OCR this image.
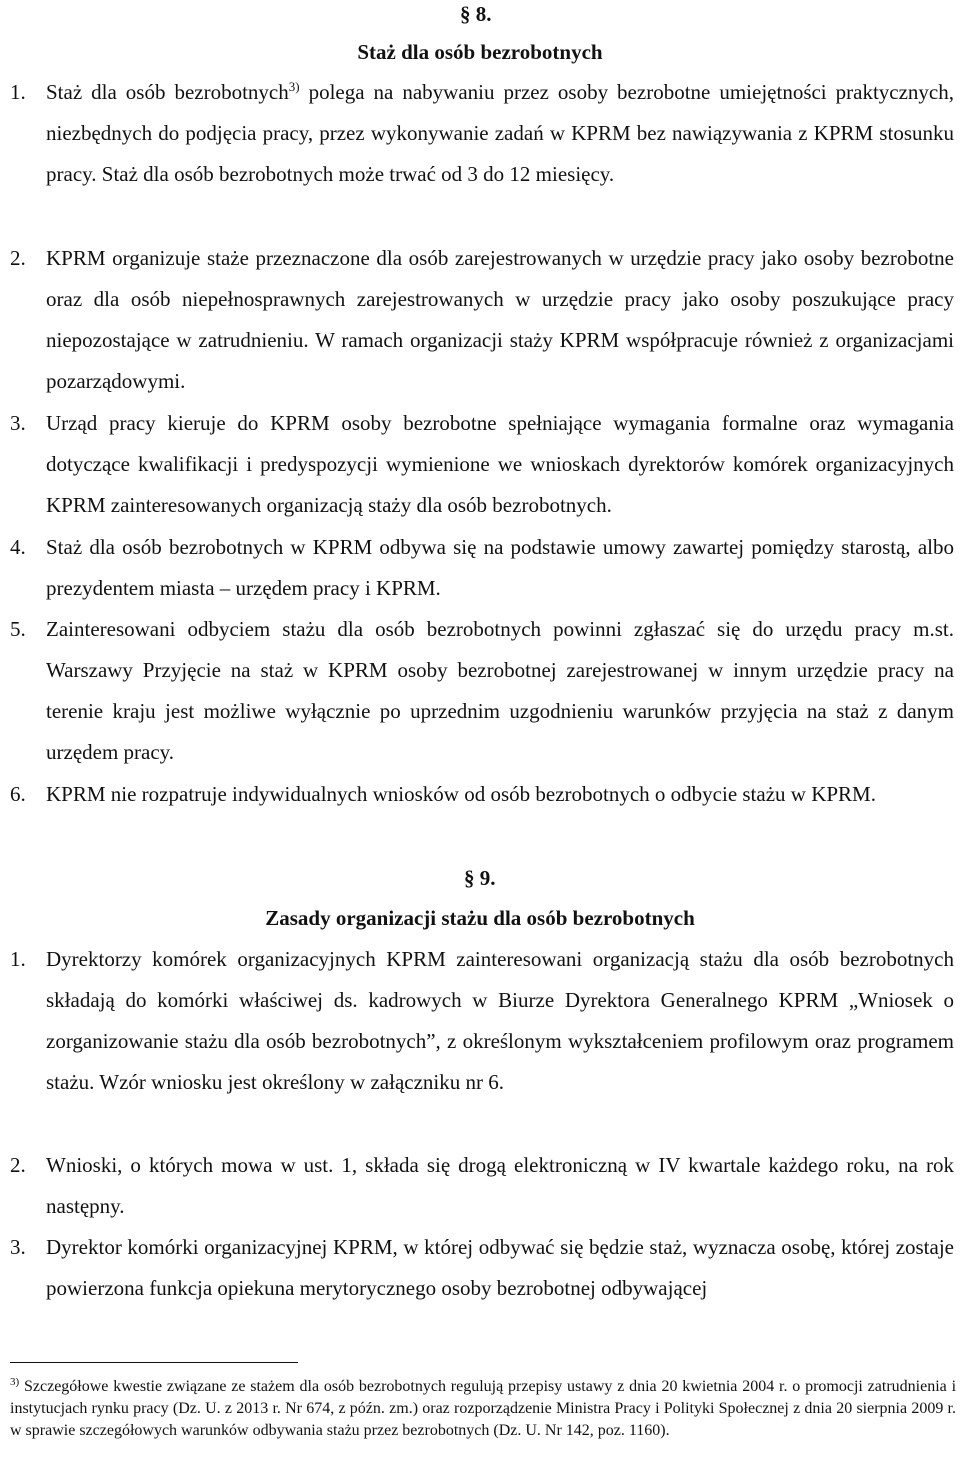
§ 8.
Staż dla osób bezrobotnych
1. Staż dla osób bezrobotnych$^{3)}$ polega na nabywaniu przez osoby bezrobotne umiejętności praktycznych, niezbędnych do podjęcia pracy, przez wykonywanie zadań w KPRM bez nawiązywania z KPRM stosunku pracy. Staż dla osób bezrobotnych może trwać od 3 do 12 miesięcy.

2. KPRM organizuje staże przeznaczone dla osób zarejestrowanych w urzędzie pracy jako osoby bezrobotne oraz dla osób niepełnosprawnych zarejestrowanych w urzędzie pracy jako osoby poszukujące pracy niepozostające w zatrudnieniu. W ramach organizacji staży KPRM współpracuje również z organizacjami pozarządowymi.

3. Urząd pracy kieruje do KPRM osoby bezrobotne spełniające wymagania formalne oraz wymagania dotyczące kwalifikacji i predyspozycji wymienione we wnioskach dyrektorów komórek organizacyjnych KPRM zainteresowanych organizacją staży dla osób bezrobotnych.

4. Staż dla osób bezrobotnych w KPRM odbywa się na podstawie umowy zawartej pomiędzy starostą, albo prezydentem miasta – urzędem pracy i KPRM.

5. Zainteresowani odbyciem stażu dla osób bezrobotnych powinni zgłaszać się do urzędu pracy m.st. Warszawy Przyjęcie na staż w KPRM osoby bezrobotnej zarejestrowanej w innym urzędzie pracy na terenie kraju jest możliwe wyłącznie po uprzednim uzgodnieniu warunków przyjęcia na staż z danym urzędem pracy.

6. KPRM nie rozpatruje indywidualnych wniosków od osób bezrobotnych o odbycie stażu w KPRM.

§ 9.
Zasady organizacji stażu dla osób bezrobotnych
1. Dyrektorzy komórek organizacyjnych KPRM zainteresowani organizacją stażu dla osób bezrobotnych składają do komórki właściwej ds. kadrowych w Biurze Dyrektora Generalnego KPRM „Wniosek o zorganizowanie stażu dla osób bezrobotnych”, z określonym wykształceniem profilowym oraz programem stażu. Wzór wniosku jest określony w załączniku nr 6.

2. Wnioski, o których mowa w ust. 1, składa się drogą elektroniczną w IV kwartale każdego roku, na rok następny.

3. Dyrektor komórki organizacyjnej KPRM, w której odbywać się będzie staż, wyznacza osobę, której zostaje powierzona funkcja opiekuna merytorycznego osoby bezrobotnej odbywającej

$^{3)}$ Szczegółowe kwestie związane ze stażem dla osób bezrobotnych regulują przepisy ustawy z dnia 20 kwietnia 2004 r. o promocji zatrudnienia i instytucjach rynku pracy (Dz. U. z 2013 r. Nr 674, z późn. zm.) oraz rozporządzenie Ministra Pracy i Polityki Społecznej z dnia 20 sierpnia 2009 r. w sprawie szczegółowych warunków odbywania stażu przez bezrobotnych (Dz. U. Nr 142, poz. 1160).
